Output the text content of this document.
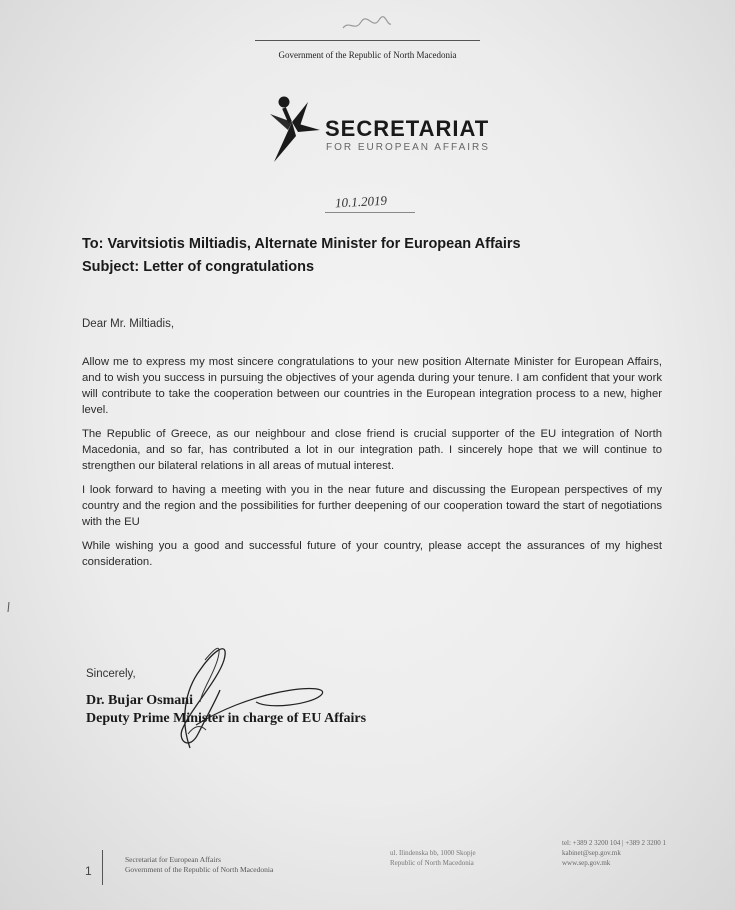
Government of the Republic of North Macedonia
SECRETARIAT
FOR EUROPEAN AFFAIRS
10.1.2019
To: Varvitsiotis Miltiadis, Alternate Minister for European Affairs
Subject: Letter of congratulations
Dear Mr. Miltiadis,

Allow me to express my most sincere congratulations to your new position Alternate Minister for European Affairs, and to wish you success in pursuing the objectives of your agenda during your tenure. I am confident that your work will contribute to take the cooperation between our countries in the European integration process to a new, higher level.

The Republic of Greece, as our neighbour and close friend is crucial supporter of the EU integration of North Macedonia, and so far, has contributed a lot in our integration path. I sincerely hope that we will continue to strengthen our bilateral relations in all areas of mutual interest.

I look forward to having a meeting with you in the near future and discussing the European perspectives of my country and the region and the possibilities for further deepening of our cooperation toward the start of negotiations with the EU

While wishing you a good and successful future of your country, please accept the assurances of my highest consideration.

Sincerely,
Dr. Bujar Osmani
Deputy Prime Minister in charge of EU Affairs
1
Secretariat for European Affairs
Government of the Republic of North Macedonia
ul. Ilindenska bb, 1000 Skopje
Republic of North Macedonia
tel: +389 2 3200 104 | +389 2 3200 1
kabinet@sep.gov.mk
www.sep.gov.mk
